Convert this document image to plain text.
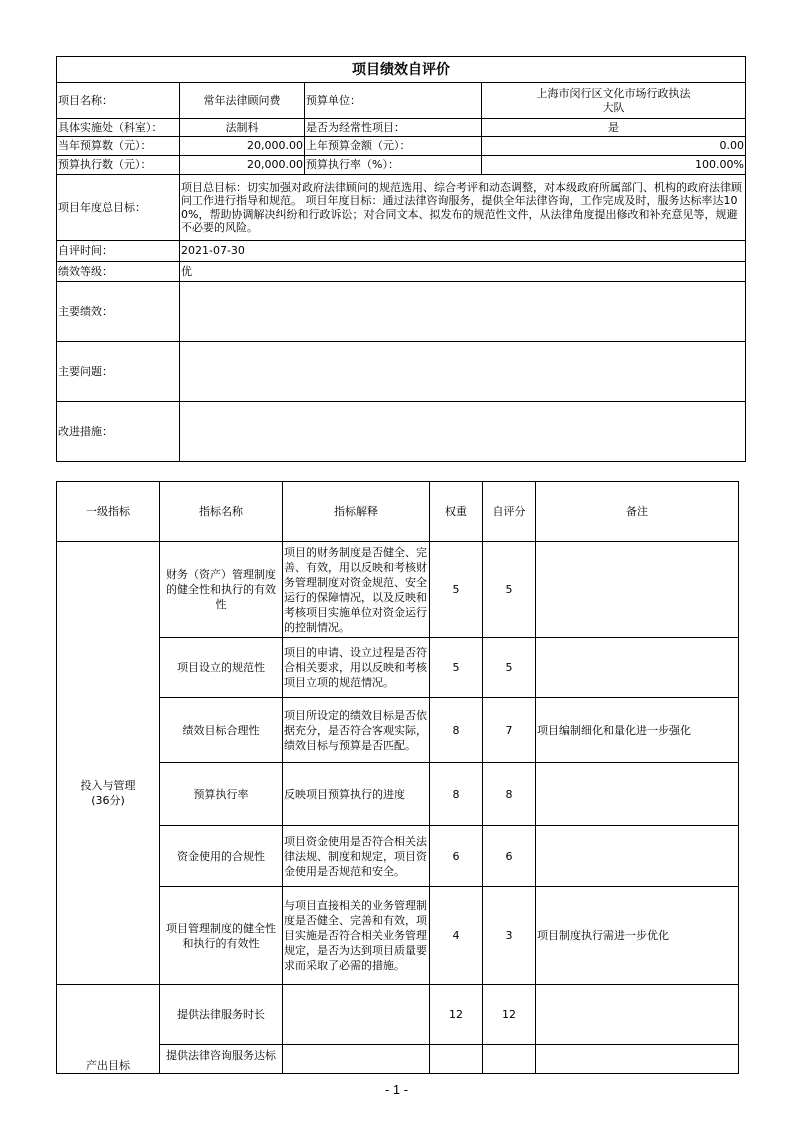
项目绩效自评价			
项目名称：	常年法律顾问费	预算单位：	上海市闵行区文化市场行政执法大队
具体实施处（科室）：	法制科	是否为经常性项目：	是
当年预算数（元）：	20,000.00	上年预算金额（元）：	0.00
预算执行数（元）：	20,000.00	预算执行率（%）：	100.00%
项目年度总目标：	项目总目标：切实加强对政府法律顾问的规范选用、综合考评和动态调整，对本级政府所属部门、机构的政府法律顾问工作进行指导和规范。 项目年度目标：通过法律咨询服务，提供全年法律咨询，工作完成及时，服务达标率达100%，帮助协调解决纠纷和行政诉讼；对合同文本、拟发布的规范性文件，从法律角度提出修改和补充意见等，规避不必要的风险。		
自评时间：	2021-07-30		
绩效等级：	优		
主要绩效：			
主要问题：			
改进措施：			
一级指标	指标名称	指标解释	权重	自评分	备注

投入与管理
(36分)	财务（资产）管理制度的健全性和执行的有效性	项目的财务制度是否健全、完善、有效，用以反映和考核财务管理制度对资金规范、安全运行的保障情况，以及反映和考核项目实施单位对资金运行的控制情况。	5	5	
	项目设立的规范性	项目的申请、设立过程是否符合相关要求，用以反映和考核项目立项的规范情况。	5	5	
	绩效目标合理性	项目所设定的绩效目标是否依据充分，是否符合客观实际，绩效目标与预算是否匹配。	8	7	项目编制细化和量化进一步强化
	预算执行率	反映项目预算执行的进度	8	8	
	资金使用的合规性	项目资金使用是否符合相关法律法规、制度和规定，项目资金使用是否规范和安全。	6	6	
	项目管理制度的健全性和执行的有效性	与项目直接相关的业务管理制度是否健全、完善和有效，项目实施是否符合相关业务管理规定，是否为达到项目质量要求而采取了必需的措施。	4	3	项目制度执行需进一步优化

产出目标	提供法律服务时长		12	12	
	提供法律咨询服务达标				
- 1 -
